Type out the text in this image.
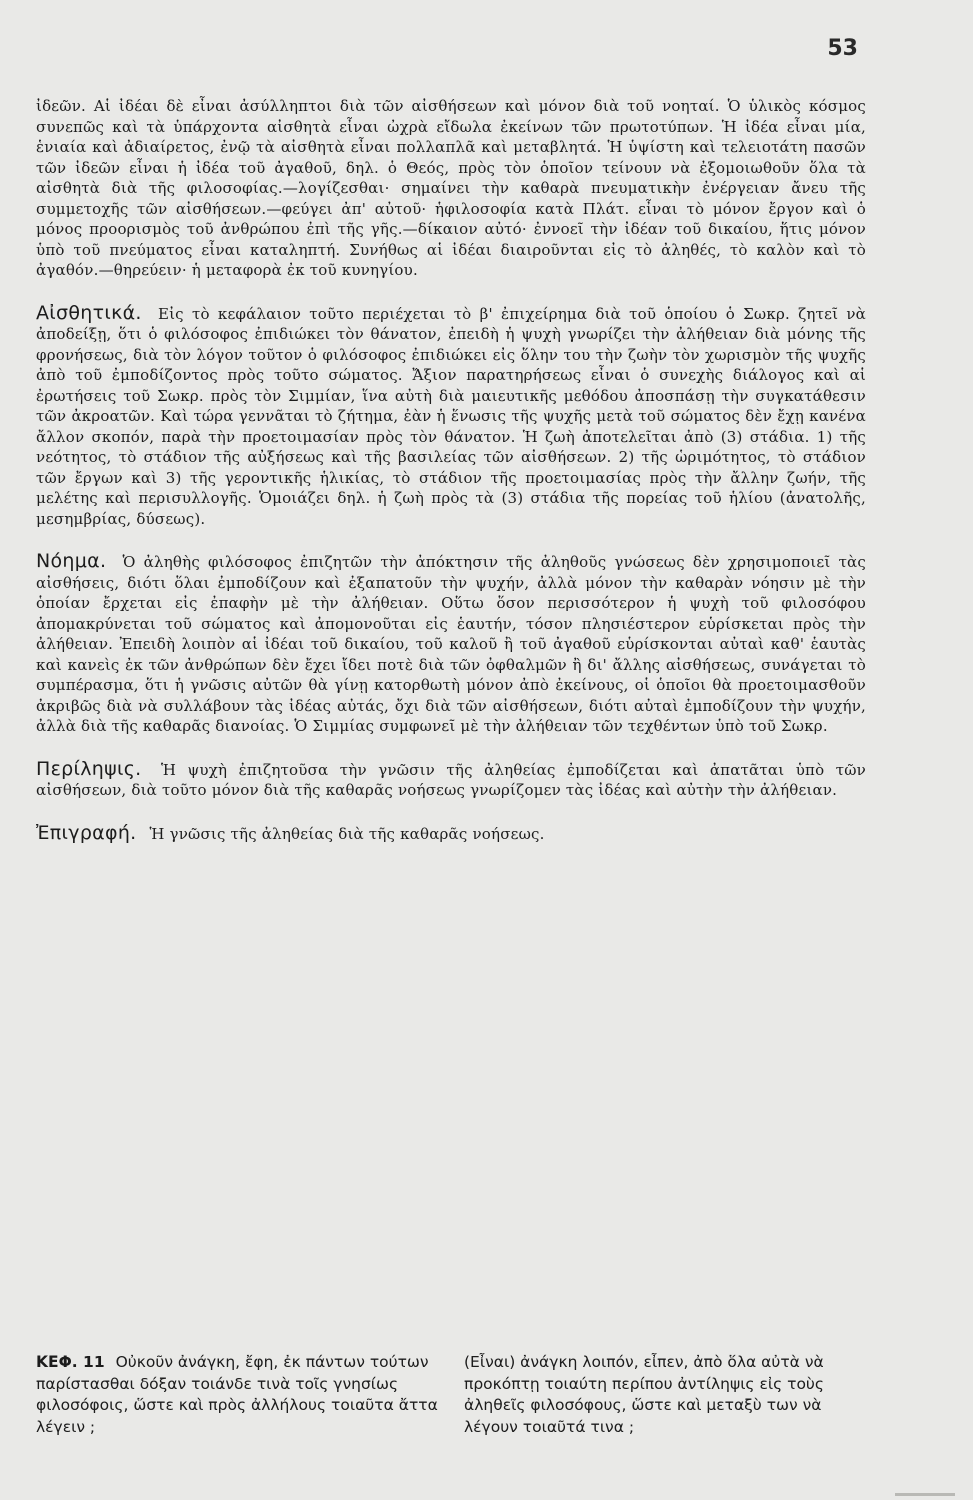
53

ἰδεῶν. Αἱ ἰδέαι δὲ εἶναι ἀσύλληπτοι διὰ τῶν αἰσθήσεων καὶ μόνον διὰ τοῦ νοηταί. Ὁ ὑλικὸς κόσμος συνεπῶς καὶ τὰ ὑπάρχοντα αἰσθητὰ εἶναι ὠχρὰ εἴδωλα ἐκείνων τῶν πρωτοτύπων. Ἡ ἰδέα εἶναι μία, ἑνιαία καὶ ἀδιαίρετος, ἐνῷ τὰ αἰσθητὰ εἶναι πολλαπλᾶ καὶ μεταβλητά. Ἡ ὑψίστη καὶ τελειοτάτη πασῶν τῶν ἰδεῶν εἶναι ἡ ἰδέα τοῦ ἀγαθοῦ, δηλ. ὁ Θεός, πρὸς τὸν ὁποῖον τείνουν νὰ ἐξομοιωθοῦν ὅλα τὰ αἰσθητὰ διὰ τῆς φιλοσοφίας.—λογίζεσθαι· σημαίνει τὴν καθαρὰ πνευματικὴν ἐνέργειαν ἄνευ τῆς συμμετοχῆς τῶν αἰσθήσεων.—φεύγει ἀπ' αὐτοῦ· ἡφιλοσοφία κατὰ Πλάτ. εἶναι τὸ μόνον ἔργον καὶ ὁ μόνος προορισμὸς τοῦ ἀνθρώπου ἐπὶ τῆς γῆς.—δίκαιον αὐτό· ἐννοεῖ τὴν ἰδέαν τοῦ δικαίου, ἥτις μόνον ὑπὸ τοῦ πνεύματος εἶναι καταληπτή. Συνήθως αἱ ἰδέαι διαιροῦνται εἰς τὸ ἀληθές, τὸ καλὸν καὶ τὸ ἀγαθόν.—θηρεύειν· ἡ μεταφορὰ ἐκ τοῦ κυνηγίου.

Αἰσθητικά. Εἰς τὸ κεφάλαιον τοῦτο περιέχεται τὸ β' ἐπιχείρημα διὰ τοῦ ὁποίου ὁ Σωκρ. ζητεῖ νὰ ἀποδείξῃ, ὅτι ὁ φιλόσοφος ἐπιδιώκει τὸν θάνατον, ἐπειδὴ ἡ ψυχὴ γνωρίζει τὴν ἀλήθειαν διὰ μόνης τῆς φρονήσεως, διὰ τὸν λόγον τοῦτον ὁ φιλόσοφος ἐπιδιώκει εἰς ὅλην του τὴν ζωὴν τὸν χωρισμὸν τῆς ψυχῆς ἀπὸ τοῦ ἐμποδίζοντος πρὸς τοῦτο σώματος. Ἄξιον παρατηρήσεως εἶναι ὁ συνεχὴς διάλογος καὶ αἱ ἐρωτήσεις τοῦ Σωκρ. πρὸς τὸν Σιμμίαν, ἵνα αὐτὴ διὰ μαιευτικῆς μεθόδου ἀποσπάσῃ τὴν συγκατάθεσιν τῶν ἀκροατῶν. Καὶ τώρα γεννᾶται τὸ ζήτημα, ἐὰν ἡ ἕνωσις τῆς ψυχῆς μετὰ τοῦ σώματος δὲν ἔχῃ κανένα ἄλλον σκοπόν, παρὰ τὴν προετοιμασίαν πρὸς τὸν θάνατον. Ἡ ζωὴ ἀποτελεῖται ἀπὸ (3) στάδια. 1) τῆς νεότητος, τὸ στάδιον τῆς αὐξήσεως καὶ τῆς βασιλείας τῶν αἰσθήσεων. 2) τῆς ὡριμότητος, τὸ στάδιον τῶν ἔργων καὶ 3) τῆς γεροντικῆς ἡλικίας, τὸ στάδιον τῆς προετοιμασίας πρὸς τὴν ἄλλην ζωήν, τῆς μελέτης καὶ περισυλλογῆς. Ὁμοιάζει δηλ. ἡ ζωὴ πρὸς τὰ (3) στάδια τῆς πορείας τοῦ ἡλίου (ἀνατολῆς, μεσημβρίας, δύσεως).

Νόημα. Ὁ ἀληθὴς φιλόσοφος ἐπιζητῶν τὴν ἀπόκτησιν τῆς ἀληθοῦς γνώσεως δὲν χρησιμοποιεῖ τὰς αἰσθήσεις, διότι ὅλαι ἐμποδίζουν καὶ ἐξαπατοῦν τὴν ψυχήν, ἀλλὰ μόνον τὴν καθαρὰν νόησιν μὲ τὴν ὁποίαν ἔρχεται εἰς ἐπαφὴν μὲ τὴν ἀλήθειαν. Οὕτω ὅσον περισσότερον ἡ ψυχὴ τοῦ φιλοσόφου ἀπομακρύνεται τοῦ σώματος καὶ ἀπομονοῦται εἰς ἑαυτήν, τόσον πλησιέστερον εὑρίσκεται πρὸς τὴν ἀλήθειαν. Ἐπειδὴ λοιπὸν αἱ ἰδέαι τοῦ δικαίου, τοῦ καλοῦ ἢ τοῦ ἀγαθοῦ εὑρίσκονται αὐταὶ καθ' ἑαυτὰς καὶ κανεὶς ἐκ τῶν ἀνθρώπων δὲν ἔχει ἴδει ποτὲ διὰ τῶν ὀφθαλμῶν ἢ δι' ἄλλης αἰσθήσεως, συνάγεται τὸ συμπέρασμα, ὅτι ἡ γνῶσις αὐτῶν θὰ γίνῃ κατορθωτὴ μόνον ἀπὸ ἐκείνους, οἱ ὁποῖοι θὰ προετοιμασθοῦν ἀκριβῶς διὰ νὰ συλλάβουν τὰς ἰδέας αὐτάς, ὄχι διὰ τῶν αἰσθήσεων, διότι αὐταὶ ἐμποδίζουν τὴν ψυχήν, ἀλλὰ διὰ τῆς καθαρᾶς διανοίας. Ὁ Σιμμίας συμφωνεῖ μὲ τὴν ἀλήθειαν τῶν τεχθέντων ὑπὸ τοῦ Σωκρ.

Περίληψις. Ἡ ψυχὴ ἐπιζητοῦσα τὴν γνῶσιν τῆς ἀληθείας ἐμποδίζεται καὶ ἀπατᾶται ὑπὸ τῶν αἰσθήσεων, διὰ τοῦτο μόνον διὰ τῆς καθαρᾶς νοήσεως γνωρίζομεν τὰς ἰδέας καὶ αὐτὴν τὴν ἀλήθειαν.

Ἐπιγραφή. Ἡ γνῶσις τῆς ἀληθείας διὰ τῆς καθαρᾶς νοήσεως.

ΚΕΦ. 11 Οὐκοῦν ἀνάγκη, ἔφη, ἐκ πάντων τούτων παρίστασθαι δόξαν τοιάνδε τινὰ τοῖς γνησίως φιλοσόφοις, ὥστε καὶ πρὸς ἀλλήλους τοιαῦτα ἄττα λέγειν ;
(Εἶναι) ἀνάγκη λοιπόν, εἶπεν, ἀπὸ ὅλα αὐτὰ νὰ προκόπτῃ τοιαύτη περίπου ἀντίληψις εἰς τοὺς ἀληθεῖς φιλοσόφους, ὥστε καὶ μεταξὺ των νὰ λέγουν τοιαῦτά τινα ;
